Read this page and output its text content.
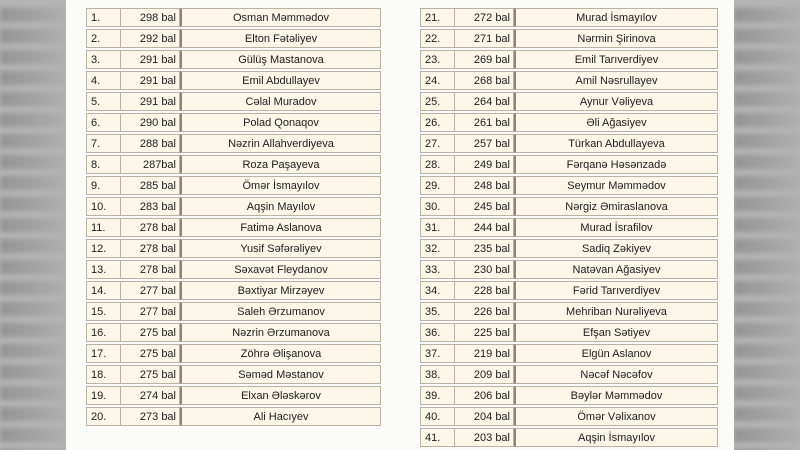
1.	298 bal	Osman Məmmədov
2.	292 bal	Elton Fətəliyev
3.	291 bal	Gülüş Mastanova
4.	291 bal	Emil Abdullayev
5.	291 bal	Cəlal Muradov
6.	290 bal	Polad Qonaqov
7.	288 bal	Nəzrin Allahverdiyeva
8.	287bal	Roza Paşayeva
9.	285 bal	Ömər İsmayılov
10.	283 bal	Aqşin Mayılov
11.	278 bal	Fatimə Aslanova
12.	278 bal	Yusif Səfərəliyev
13.	278 bal	Səxavət Fleydanov
14.	277 bal	Bəxtiyar Mirzəyev
15.	277 bal	Saleh Ərzumanov
16.	275 bal	Nəzrin Ərzumanova
17.	275 bal	Zöhrə Əlişanova
18.	275 bal	Səməd Məstanov
19.	274 bal	Elxan Ələskərov
20.	273 bal	Ali Hacıyev
21.	272 bal	Murad İsmayılov
22.	271 bal	Nərmin Şirinova
23.	269 bal	Emil Tarıverdiyev
24.	268 bal	Amil Nəsrullayev
25.	264 bal	Aynur Vəliyeva
26.	261 bal	Əli Ağasiyev
27.	257 bal	Türkan Abdullayeva
28.	249 bal	Fərqanə Həsənzadə
29.	248 bal	Seymur Məmmədov
30.	245 bal	Nərgiz Əmiraslanova
31.	244 bal	Murad İsrafilov
32.	235 bal	Sadiq Zəkiyev
33.	230 bal	Natəvan Ağasiyev
34.	228 bal	Fərid Tarıverdiyev
35.	226 bal	Mehriban Nurəliyeva
36.	225 bal	Efşan Sətiyev
37.	219 bal	Elgün Aslanov
38.	209 bal	Nəcəf Nəcəfov
39.	206 bal	Bəylər Məmmədov
40.	204 bal	Ömər Vəlixanov
41.	203 bal	Aqşin İsmayılov
